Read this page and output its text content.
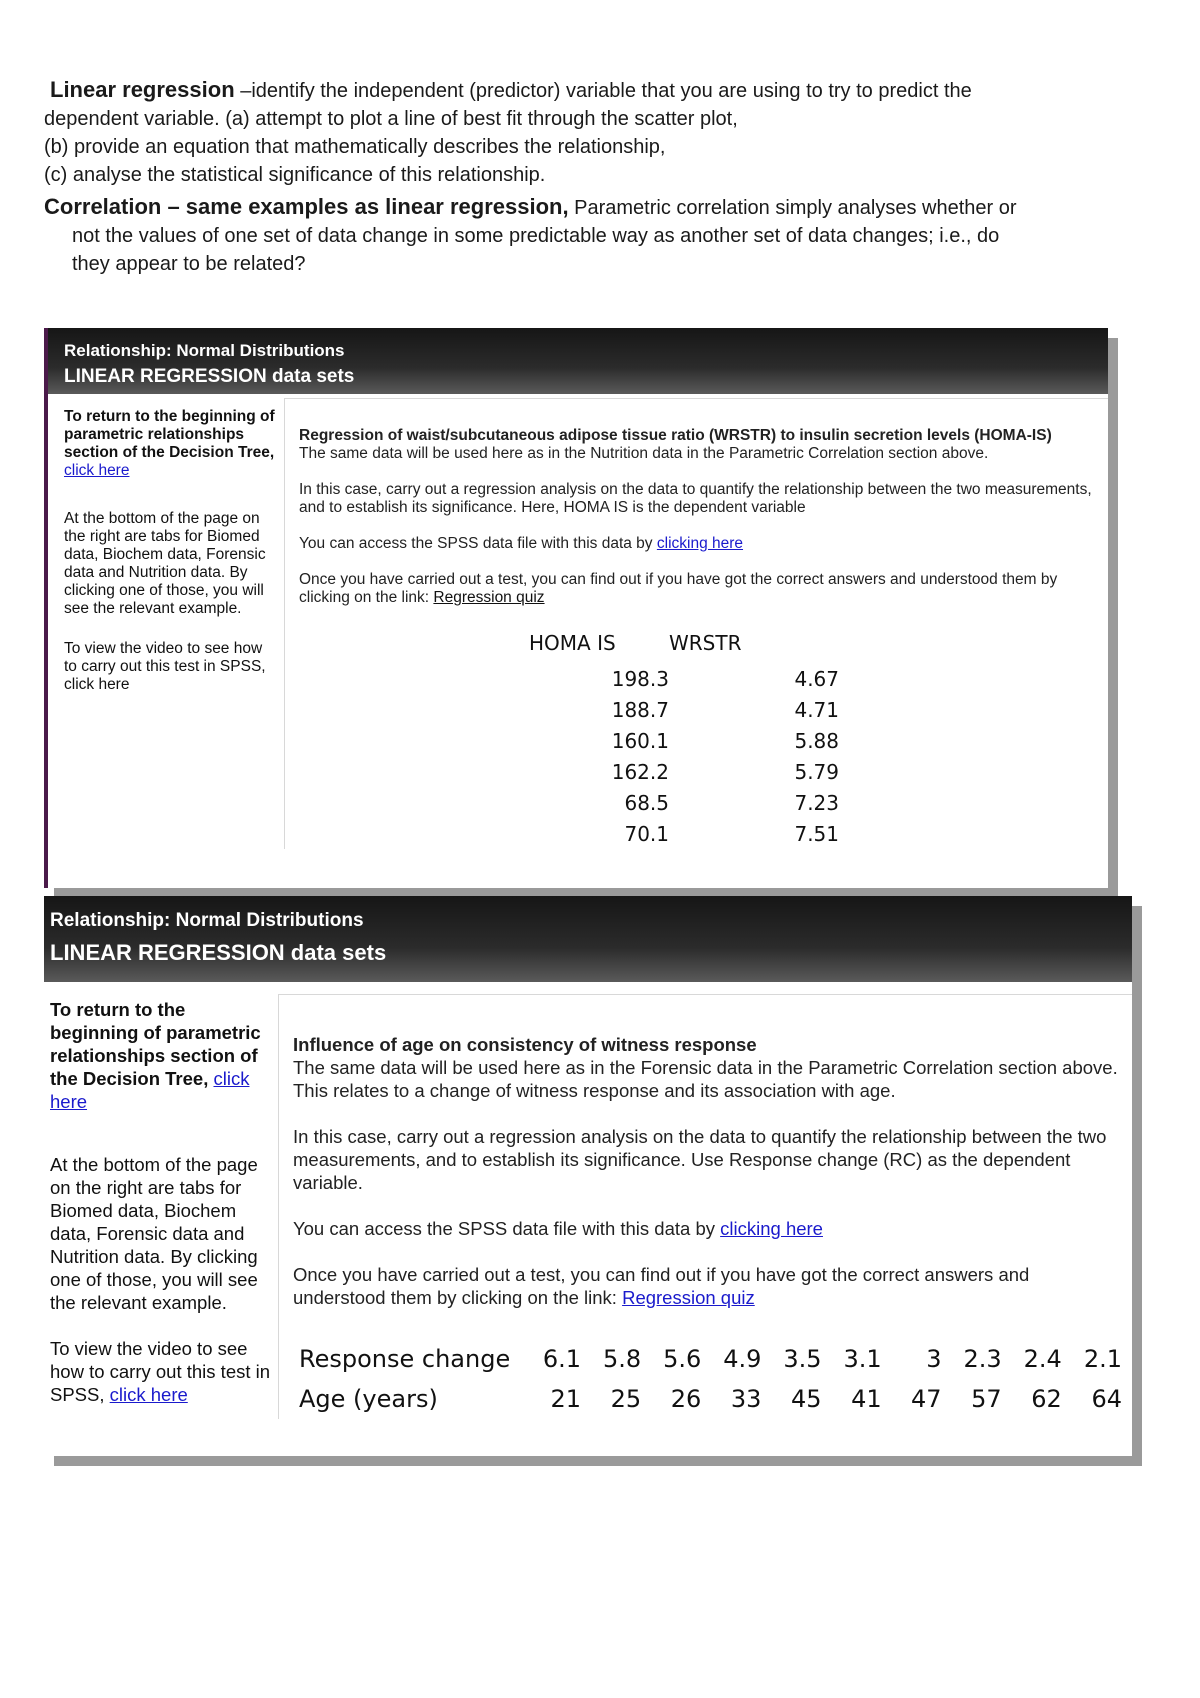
Linear regression –identify the independent (predictor) variable that you are using to try to predict the

dependent variable. (a) attempt to plot a line of best fit through the scatter plot,

(b) provide an equation that mathematically describes the relationship,

(c) analyse the statistical significance of this relationship.

Correlation – same examples as linear regression, Parametric correlation simply analyses whether or

not the values of one set of data change in some predictable way as another set of data changes; i.e., do

they appear to be related?

Relationship: Normal Distributions
LINEAR REGRESSION data sets

To return to the beginning of parametric relationships section of the Decision Tree, click here

At the bottom of the page on the right are tabs for Biomed data, Biochem data, Forensic data and Nutrition data. By clicking one of those, you will see the relevant example.

To view the video to see how to carry out this test in SPSS, click here

Regression of waist/subcutaneous adipose tissue ratio (WRSTR) to insulin secretion levels (HOMA-IS)

The same data will be used here as in the Nutrition data in the Parametric Correlation section above.

In this case, carry out a regression analysis on the data to quantify the relationship between the two measurements, and to establish its significance. Here, HOMA IS is the dependent variable

You can access the SPSS data file with this data by clicking here

Once you have carried out a test, you can find out if you have got the correct answers and understood them by clicking on the link: Regression quiz

HOMA IS	WRSTR
198.3	4.67
188.7	4.71
160.1	5.88
162.2	5.79
68.5	7.23
70.1	7.51
Relationship: Normal Distributions
LINEAR REGRESSION data sets

To return to the beginning of parametric relationships section of the Decision Tree, click here

At the bottom of the page on the right are tabs for Biomed data, Biochem data, Forensic data and Nutrition data. By clicking one of those, you will see the relevant example.

To view the video to see how to carry out this test in SPSS, click here

Influence of age on consistency of witness response

The same data will be used here as in the Forensic data in the Parametric Correlation section above. This relates to a change of witness response and its association with age.

In this case, carry out a regression analysis on the data to quantify the relationship between the two measurements, and to establish its significance. Use Response change (RC) as the dependent variable.

You can access the SPSS data file with this data by clicking here

Once you have carried out a test, you can find out if you have got the correct answers and understood them by clicking on the link: Regression quiz

Response change	6.1	5.8	5.6	4.9	3.5	3.1	3	2.3	2.4	2.1
Age (years)	21	25	26	33	45	41	47	57	62	64
